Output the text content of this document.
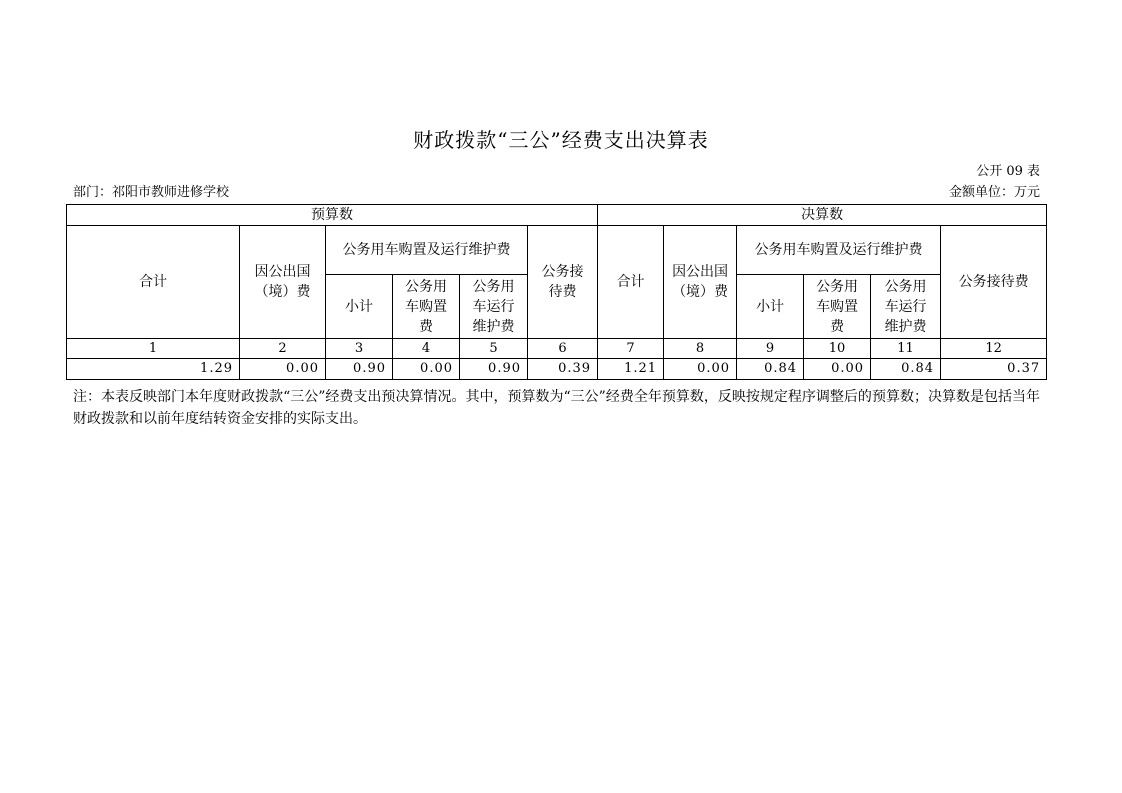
财政拨款“三公”经费支出决算表
公开 09 表
部门：祁阳市教师进修学校	金额单位：万元
预算数						决算数					
合计	因公出国（境）费	公务用车购置及运行维护费			公务接待费	合计	因公出国（境）费	公务用车购置及运行维护费			公务接待费
		小计	公务用车购置费	公务用车运行维护费				小计	公务用车购置费	公务用车运行维护费	
1	2	3	4	5	6	7	8	9	10	11	12
1.29	0.00	0.90	0.00	0.90	0.39	1.21	0.00	0.84	0.00	0.84	0.37
注：本表反映部门本年度财政拨款“三公”经费支出预决算情况。其中，预算数为“三公”经费全年预算数，反映按规定程序调整后的预算数；决算数是包括当年财政拨款和以前年度结转资金安排的实际支出。
